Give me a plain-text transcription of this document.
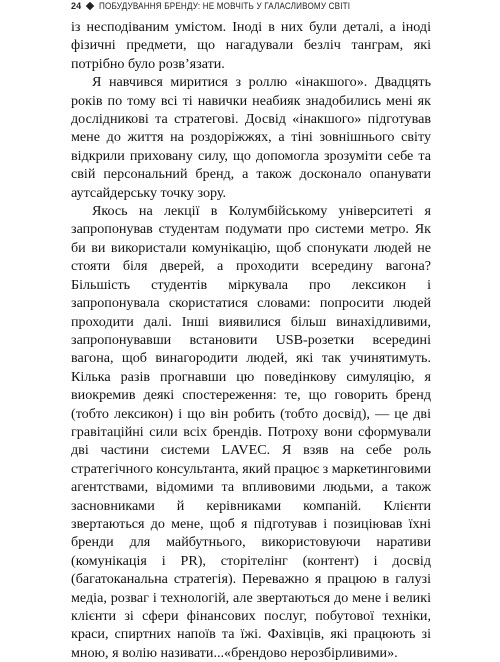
24 ПОБУДУВАННЯ БРЕНДУ: НЕ МОВЧІТЬ У ГАЛАСЛИВОМУ СВІТІ

із несподіваним умістом. Іноді в них були деталі, а іноді фізичні предмети, що нагадували безліч танграм, які потрібно було розв’язати.

Я навчився миритися з роллю «інакшого». Двадцять років по тому всі ті навички неабияк знадобились мені як дослідникові та стратегові. Досвід «інакшого» підготував мене до життя на роздоріжжях, а тіні зовнішнього світу відкрили приховану силу, що допомогла зрозуміти себе та свій персональний бренд, а також досконало опанувати аутсайдерську точку зору.

Якось на лекції в Колумбійському університеті я запропонував студентам подумати про системи метро. Як би ви використали комунікацію, щоб спонукати людей не стояти біля дверей, а проходити всередину вагона? Більшість студентів міркувала про лексикон і запропонувала скористатися словами: попросити людей проходити далі. Інші виявилися більш винахідливими, запропонувавши встановити USB-розетки всередині вагона, щоб винагородити людей, які так учинятимуть. Кілька разів прогнавши цю поведінкову симуляцію, я виокремив деякі спостереження: те, що говорить бренд (тобто лексикон) і що він робить (тобто досвід), — це дві гравітаційні сили всіх брендів. Потроху вони сформували дві частини системи LAVEC. Я взяв на себе роль стратегічного консультанта, який працює з маркетинговими агентствами, відомими та впливовими людьми, а також засновниками й керівниками компаній. Клієнти звертаються до мене, щоб я підготував і позиціював їхні бренди для майбутнього, використовуючи наративи (комунікація і PR), сторітелінг (контент) і досвід (багатоканальна стратегія). Переважно я працюю в галузі медіа, розваг і технологій, але звертаються до мене і великі клієнти зі сфери фінансових послуг, побутової техніки, краси, спиртних напоїв та їжі. Фахівців, які працюють зі мною, я волію називати...«брендово нерозбірливими».
